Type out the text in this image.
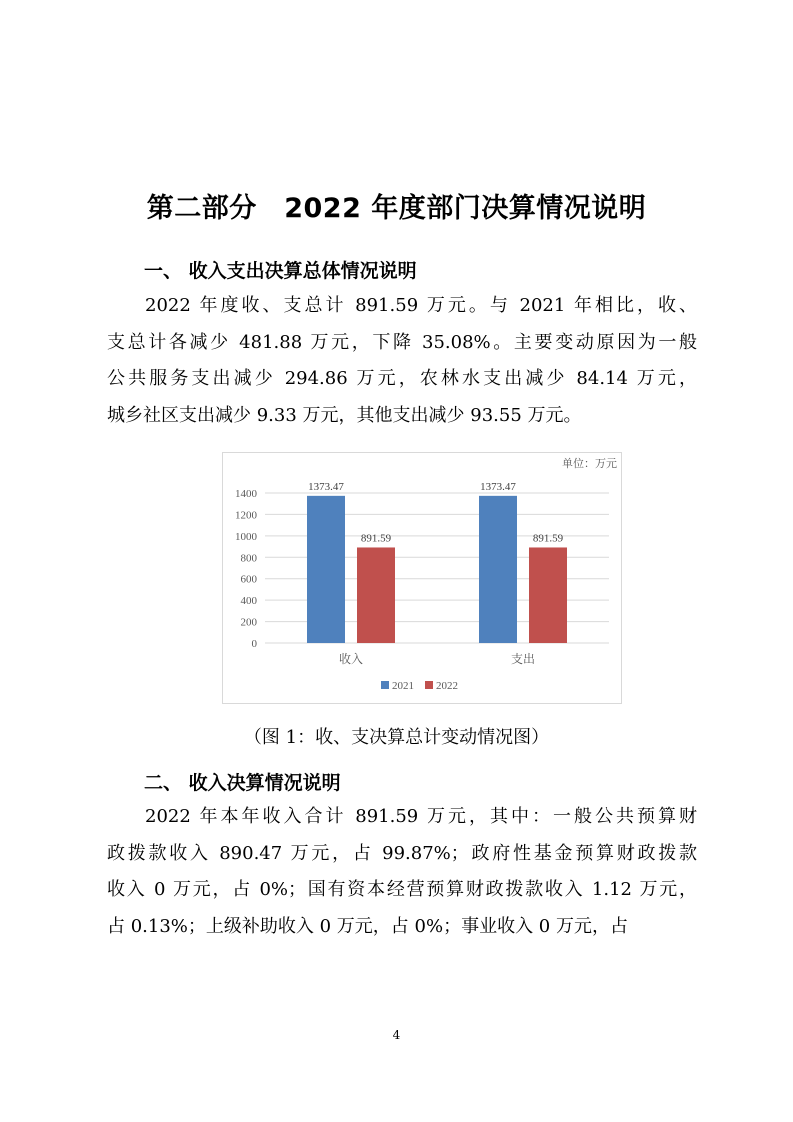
第二部分　2022 年度部门决算情况说明
一、 收入支出决算总体情况说明
2022 年度收、支总计 891.59 万元。与 2021 年相比，收、
支总计各减少 481.88 万元，下降 35.08%。主要变动原因为一般
公共服务支出减少 294.86 万元，农林水支出减少 84.14 万元，
城乡社区支出减少 9.33 万元，其他支出减少 93.55 万元。
单位：万元
0
200
400
600
800
1000
1200
1400
1373.47
891.59
收入
1373.47
891.59
支出
2021 2022
（图 1：收、支决算总计变动情况图）
二、 收入决算情况说明
2022 年本年收入合计 891.59 万元，其中：一般公共预算财
政拨款收入 890.47 万元，占 99.87%；政府性基金预算财政拨款
收入 0 万元，占 0%；国有资本经营预算财政拨款收入 1.12 万元，
占 0.13%；上级补助收入 0 万元，占 0%；事业收入 0 万元，占
4
